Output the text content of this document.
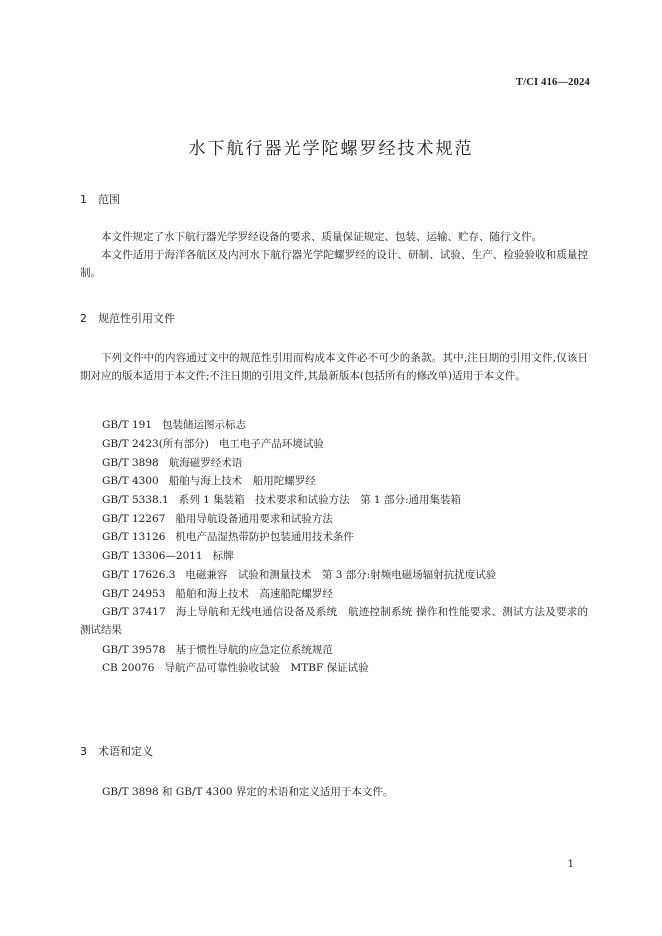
T/CI 416—2024
水下航行器光学陀螺罗经技术规范
1 范围
本文件规定了水下航行器光学罗经设备的要求、质量保证规定、包装、运输、贮存、随行文件。
本文件适用于海洋各航区及内河水下航行器光学陀螺罗经的设计、研制、试验、生产、检验验收和质量控制。
2 规范性引用文件
下列文件中的内容通过文中的规范性引用而构成本文件必不可少的条款。其中,注日期的引用文件,仅该日期对应的版本适用于本文件;不注日期的引用文件,其最新版本(包括所有的修改单)适用于本文件。
GB/T 191 包装储运图示标志
GB/T 2423(所有部分) 电工电子产品环境试验
GB/T 3898 航海磁罗经术语
GB/T 4300 船舶与海上技术　船用陀螺罗经
GB/T 5338.1 系列 1 集装箱　技术要求和试验方法　第 1 部分:通用集装箱
GB/T 12267 船用导航设备通用要求和试验方法
GB/T 13126 机电产品湿热带防护包装通用技术条件
GB/T 13306—2011 标牌
GB/T 17626.3 电磁兼容　试验和测量技术　第 3 部分:射频电磁场辐射抗扰度试验
GB/T 24953 船舶和海上技术　高速船陀螺罗经
GB/T 37417 海上导航和无线电通信设备及系统　航迹控制系统 操作和性能要求、测试方法及要求的测试结果
GB/T 39578 基于惯性导航的应急定位系统规范
CB 20076 导航产品可靠性验收试验　MTBF 保证试验
3 术语和定义
GB/T 3898 和 GB/T 4300 界定的术语和定义适用于本文件。
1
